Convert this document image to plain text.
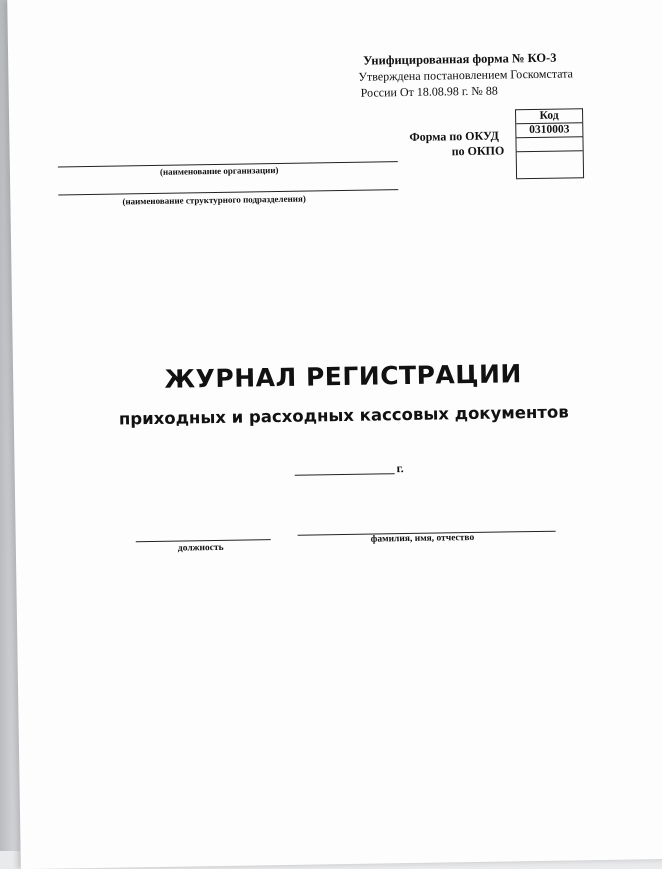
Унифицированная форма № КО-3
Утверждена постановлением Госкомстата
России От 18.08.98 г. № 88
Форма по ОКУД
по ОКПО
Код
0310003
(наименование организации)
(наименование структурного подразделения)
ЖУРНАЛ РЕГИСТРАЦИИ
приходных и расходных кассовых документов
г.
должность
фамилия, имя, отчество
